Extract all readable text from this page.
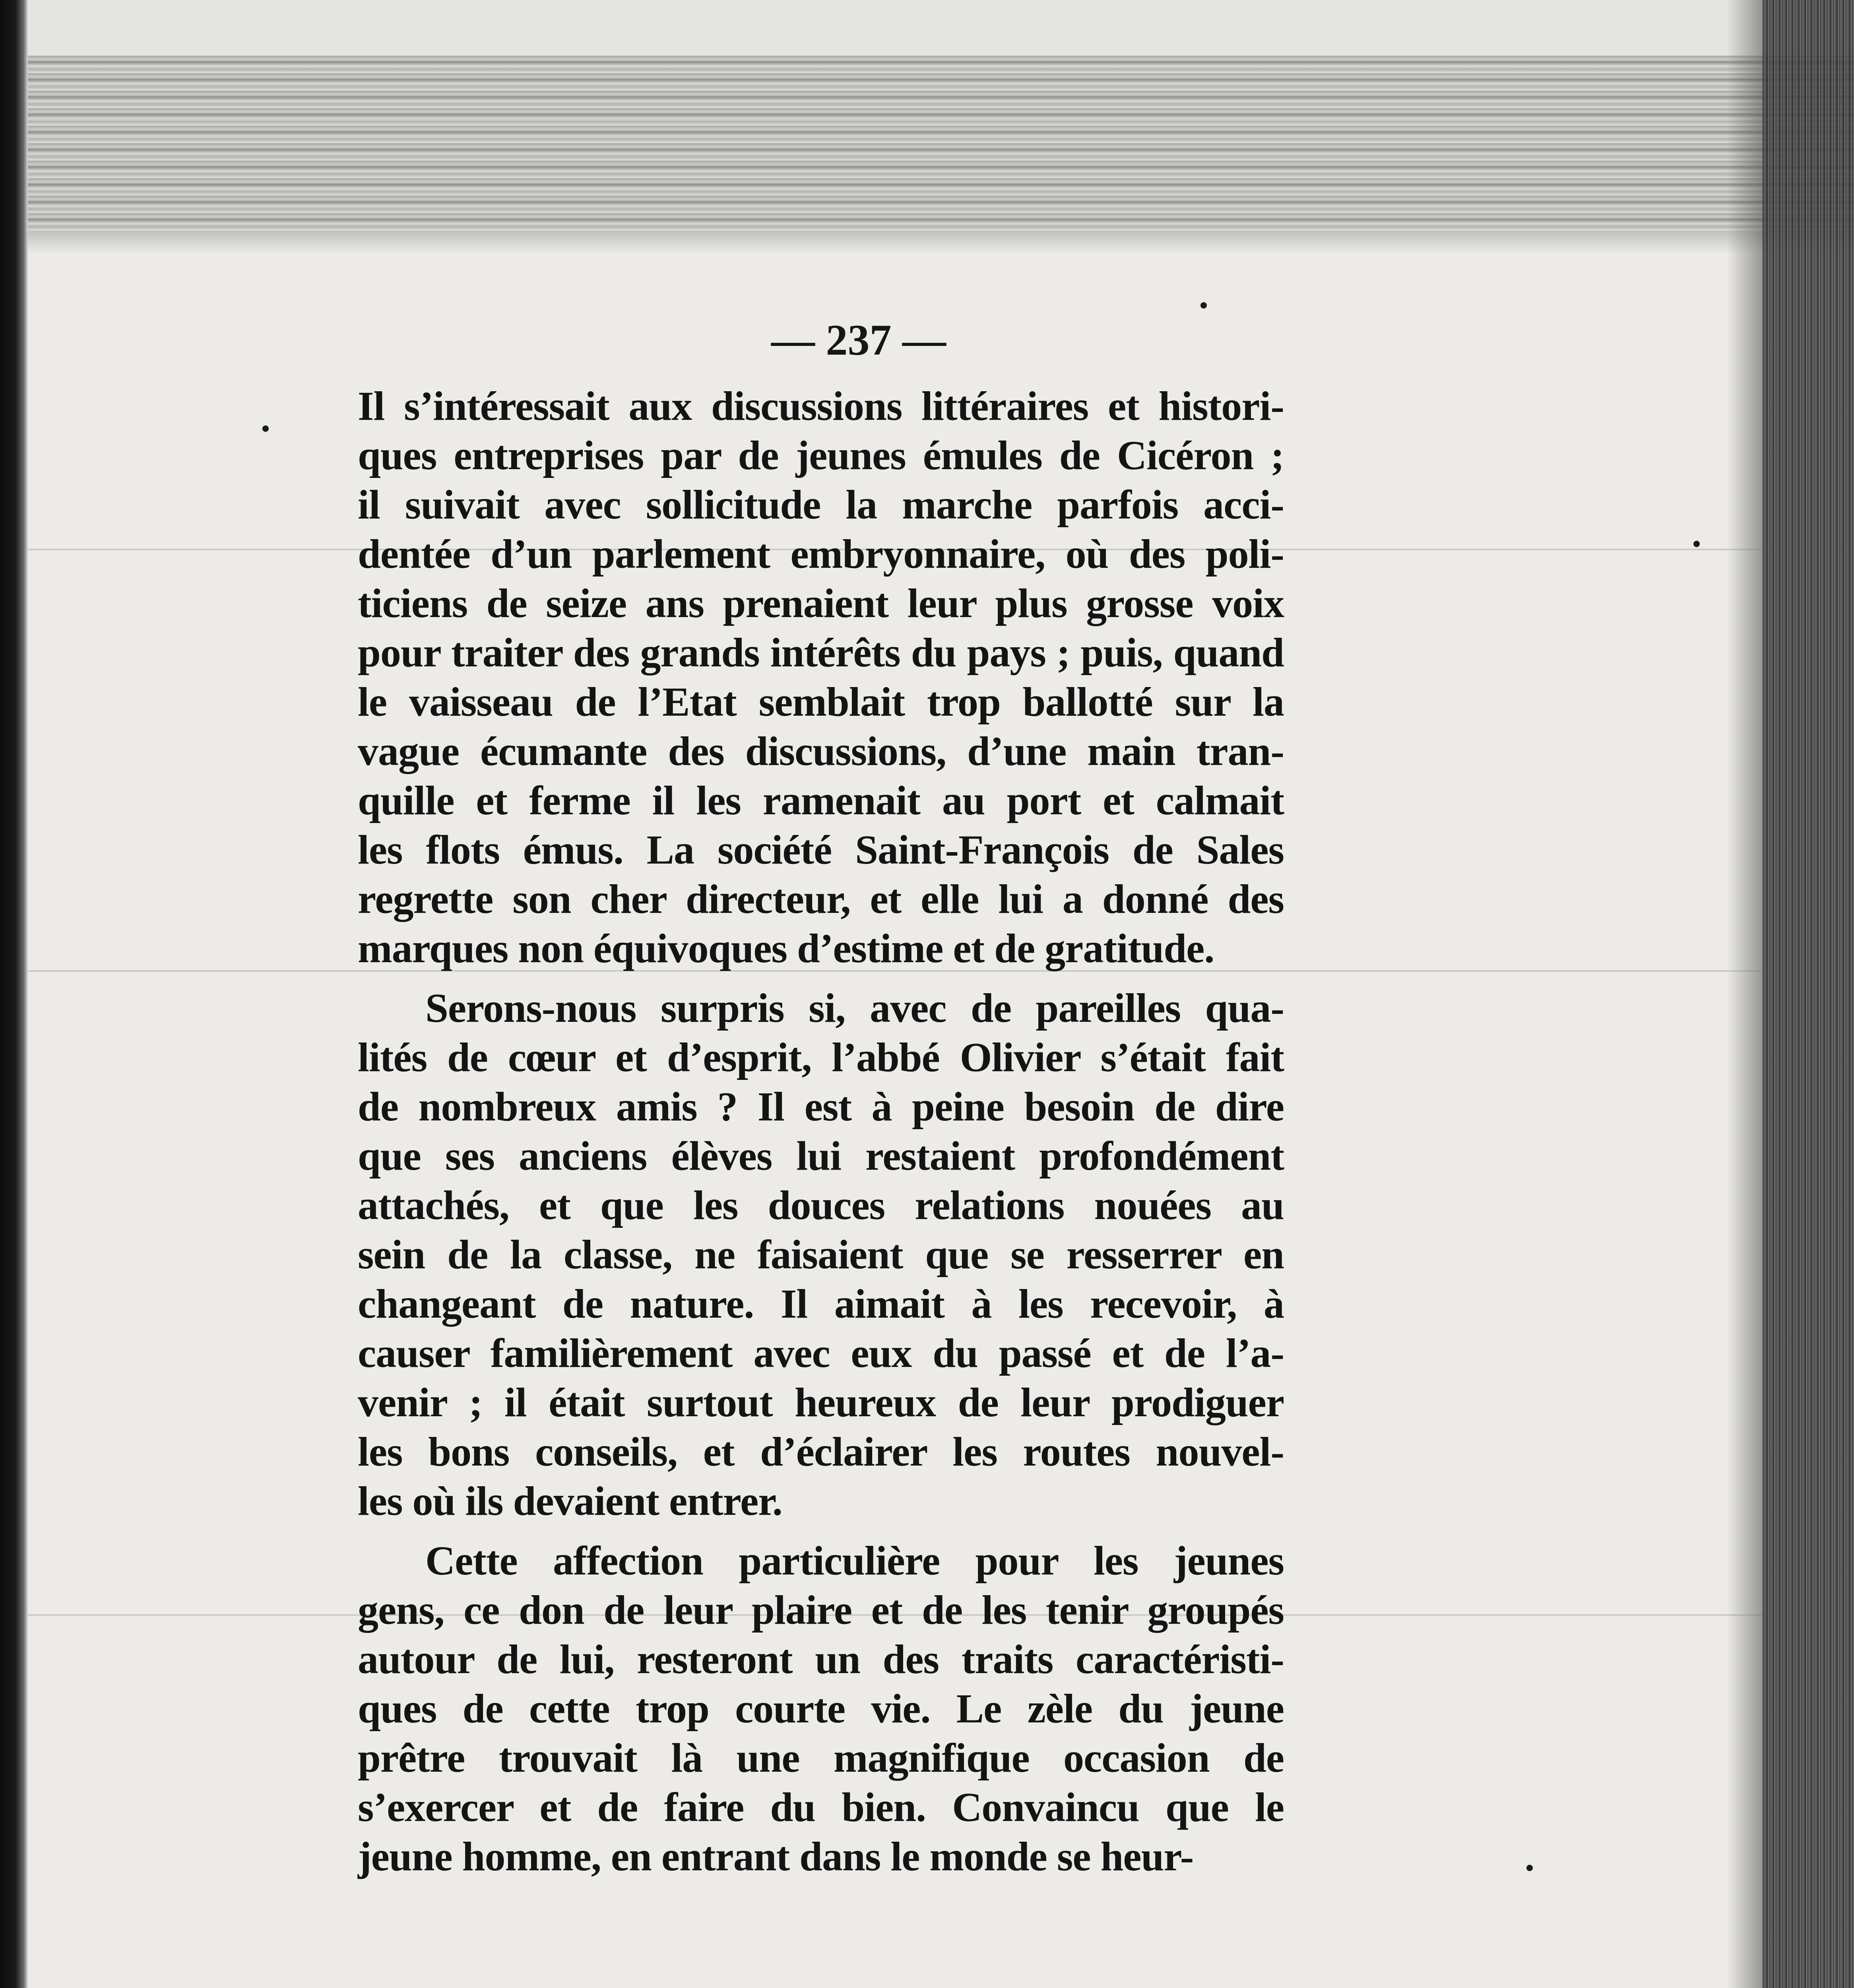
— 237 —
Il s’intéressait aux discussions littéraires et histori-
ques entreprises par de jeunes émules de Cicéron ;
il suivait avec sollicitude la marche parfois acci-
dentée d’un parlement embryonnaire, où des poli-
ticiens de seize ans prenaient leur plus grosse voix
pour traiter des grands intérêts du pays ; puis, quand
le vaisseau de l’Etat semblait trop ballotté sur la
vague écumante des discussions, d’une main tran-
quille et ferme il les ramenait au port et calmait
les flots émus. La société Saint-François de Sales
regrette son cher directeur, et elle lui a donné des
marques non équivoques d’estime et de gratitude.
Serons-nous surpris si, avec de pareilles qua-
lités de cœur et d’esprit, l’abbé Olivier s’était fait
de nombreux amis ? Il est à peine besoin de dire
que ses anciens élèves lui restaient profondément
attachés, et que les douces relations nouées au
sein de la classe, ne faisaient que se resserrer en
changeant de nature. Il aimait à les recevoir, à
causer familièrement avec eux du passé et de l’a-
venir ; il était surtout heureux de leur prodiguer
les bons conseils, et d’éclairer les routes nouvel-
les où ils devaient entrer.
Cette affection particulière pour les jeunes
gens, ce don de leur plaire et de les tenir groupés
autour de lui, resteront un des traits caractéristi-
ques de cette trop courte vie. Le zèle du jeune
prêtre trouvait là une magnifique occasion de
s’exercer et de faire du bien. Convaincu que le
jeune homme, en entrant dans le monde se heur-
